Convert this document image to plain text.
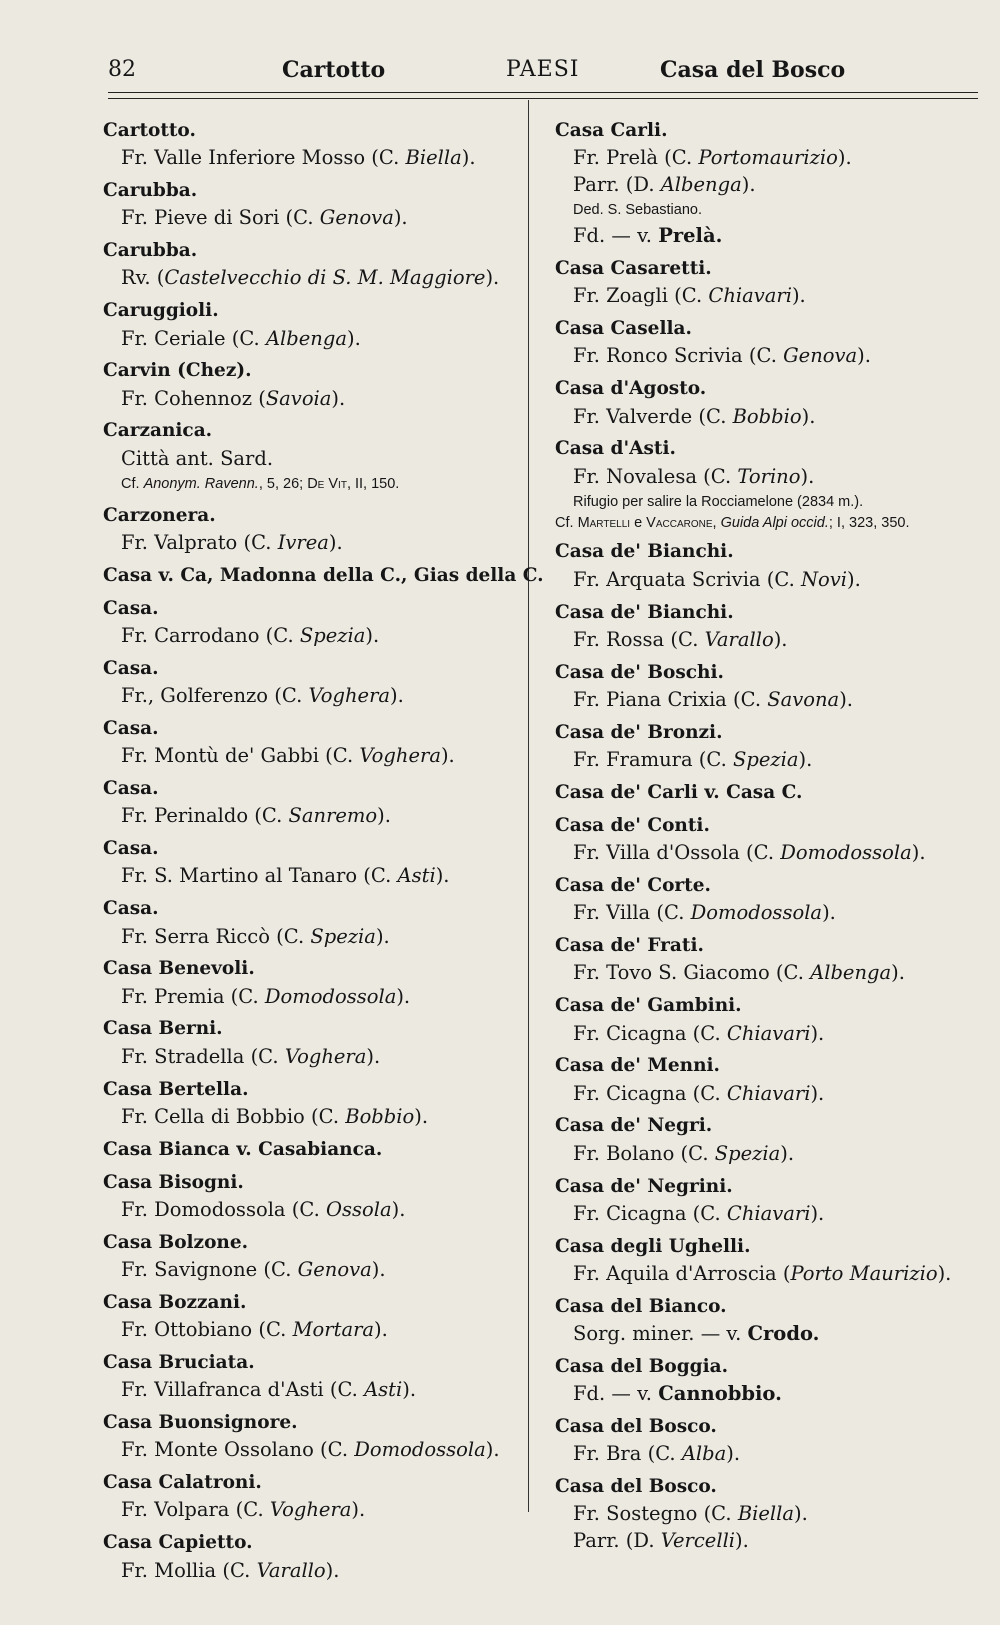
82	Cartotto	PAESI	Casa del Bosco
Cartotto.
Fr. Valle Inferiore Mosso (C. Biella).
Carubba.
Fr. Pieve di Sori (C. Genova).
Carubba.
Rv. (Castelvecchio di S. M. Maggiore).
Caruggioli.
Fr. Ceriale (C. Albenga).
Carvin (Chez).
Fr. Cohennoz (Savoia).
Carzanica.
Città ant. Sard.
Cf. Anonym. Ravenn., 5, 26; De Vit, II, 150.
Carzonera.
Fr. Valprato (C. Ivrea).
Casa v. Ca, Madonna della C., Gias della C.
Casa.
Fr. Carrodano (C. Spezia).
Casa.
Fr., Golferenzo (C. Voghera).
Casa.
Fr. Montù de' Gabbi (C. Voghera).
Casa.
Fr. Perinaldo (C. Sanremo).
Casa.
Fr. S. Martino al Tanaro (C. Asti).
Casa.
Fr. Serra Riccò (C. Spezia).
Casa Benevoli.
Fr. Premia (C. Domodossola).
Casa Berni.
Fr. Stradella (C. Voghera).
Casa Bertella.
Fr. Cella di Bobbio (C. Bobbio).
Casa Bianca v. Casabianca.
Casa Bisogni.
Fr. Domodossola (C. Ossola).
Casa Bolzone.
Fr. Savignone (C. Genova).
Casa Bozzani.
Fr. Ottobiano (C. Mortara).
Casa Bruciata.
Fr. Villafranca d'Asti (C. Asti).
Casa Buonsignore.
Fr. Monte Ossolano (C. Domodossola).
Casa Calatroni.
Fr. Volpara (C. Voghera).
Casa Capietto.
Fr. Mollia (C. Varallo).
Casa Carli.
Fr. Prelà (C. Portomaurizio).
Parr. (D. Albenga).
Ded. S. Sebastiano.
Fd. — v. Prelà.
Casa Casaretti.
Fr. Zoagli (C. Chiavari).
Casa Casella.
Fr. Ronco Scrivia (C. Genova).
Casa d'Agosto.
Fr. Valverde (C. Bobbio).
Casa d'Asti.
Fr. Novalesa (C. Torino).
Rifugio per salire la Rocciamelone (2834 m.).
Cf. Martelli e Vaccarone, Guida Alpi occid.; I, 323, 350.
Casa de' Bianchi.
Fr. Arquata Scrivia (C. Novi).
Casa de' Bianchi.
Fr. Rossa (C. Varallo).
Casa de' Boschi.
Fr. Piana Crixia (C. Savona).
Casa de' Bronzi.
Fr. Framura (C. Spezia).
Casa de' Carli v. Casa C.
Casa de' Conti.
Fr. Villa d'Ossola (C. Domodossola).
Casa de' Corte.
Fr. Villa (C. Domodossola).
Casa de' Frati.
Fr. Tovo S. Giacomo (C. Albenga).
Casa de' Gambini.
Fr. Cicagna (C. Chiavari).
Casa de' Menni.
Fr. Cicagna (C. Chiavari).
Casa de' Negri.
Fr. Bolano (C. Spezia).
Casa de' Negrini.
Fr. Cicagna (C. Chiavari).
Casa degli Ughelli.
Fr. Aquila d'Arroscia (Porto Maurizio).
Casa del Bianco.
Sorg. miner. — v. Crodo.
Casa del Boggia.
Fd. — v. Cannobbio.
Casa del Bosco.
Fr. Bra (C. Alba).
Casa del Bosco.
Fr. Sostegno (C. Biella).
Parr. (D. Vercelli).
